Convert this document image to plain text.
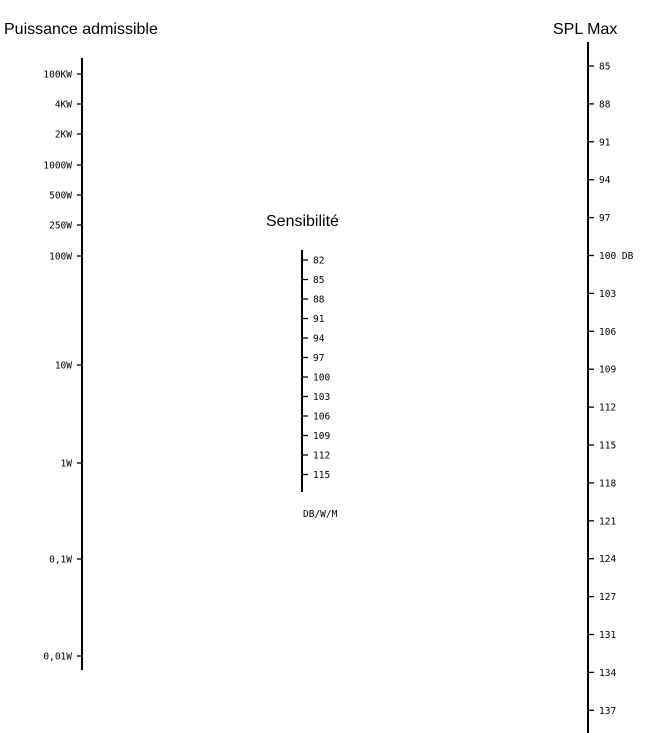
Puissance admissible
Sensibilité
SPL Max
DB/W/M
100KW
4KW
2KW
1000W
500W
250W
100W
10W
1W
0,1W
0,01W
82
85
88
91
94
97
100
103
106
109
112
115
85
88
91
94
97
100 DB
103
106
109
112
115
118
121
124
127
131
134
137
